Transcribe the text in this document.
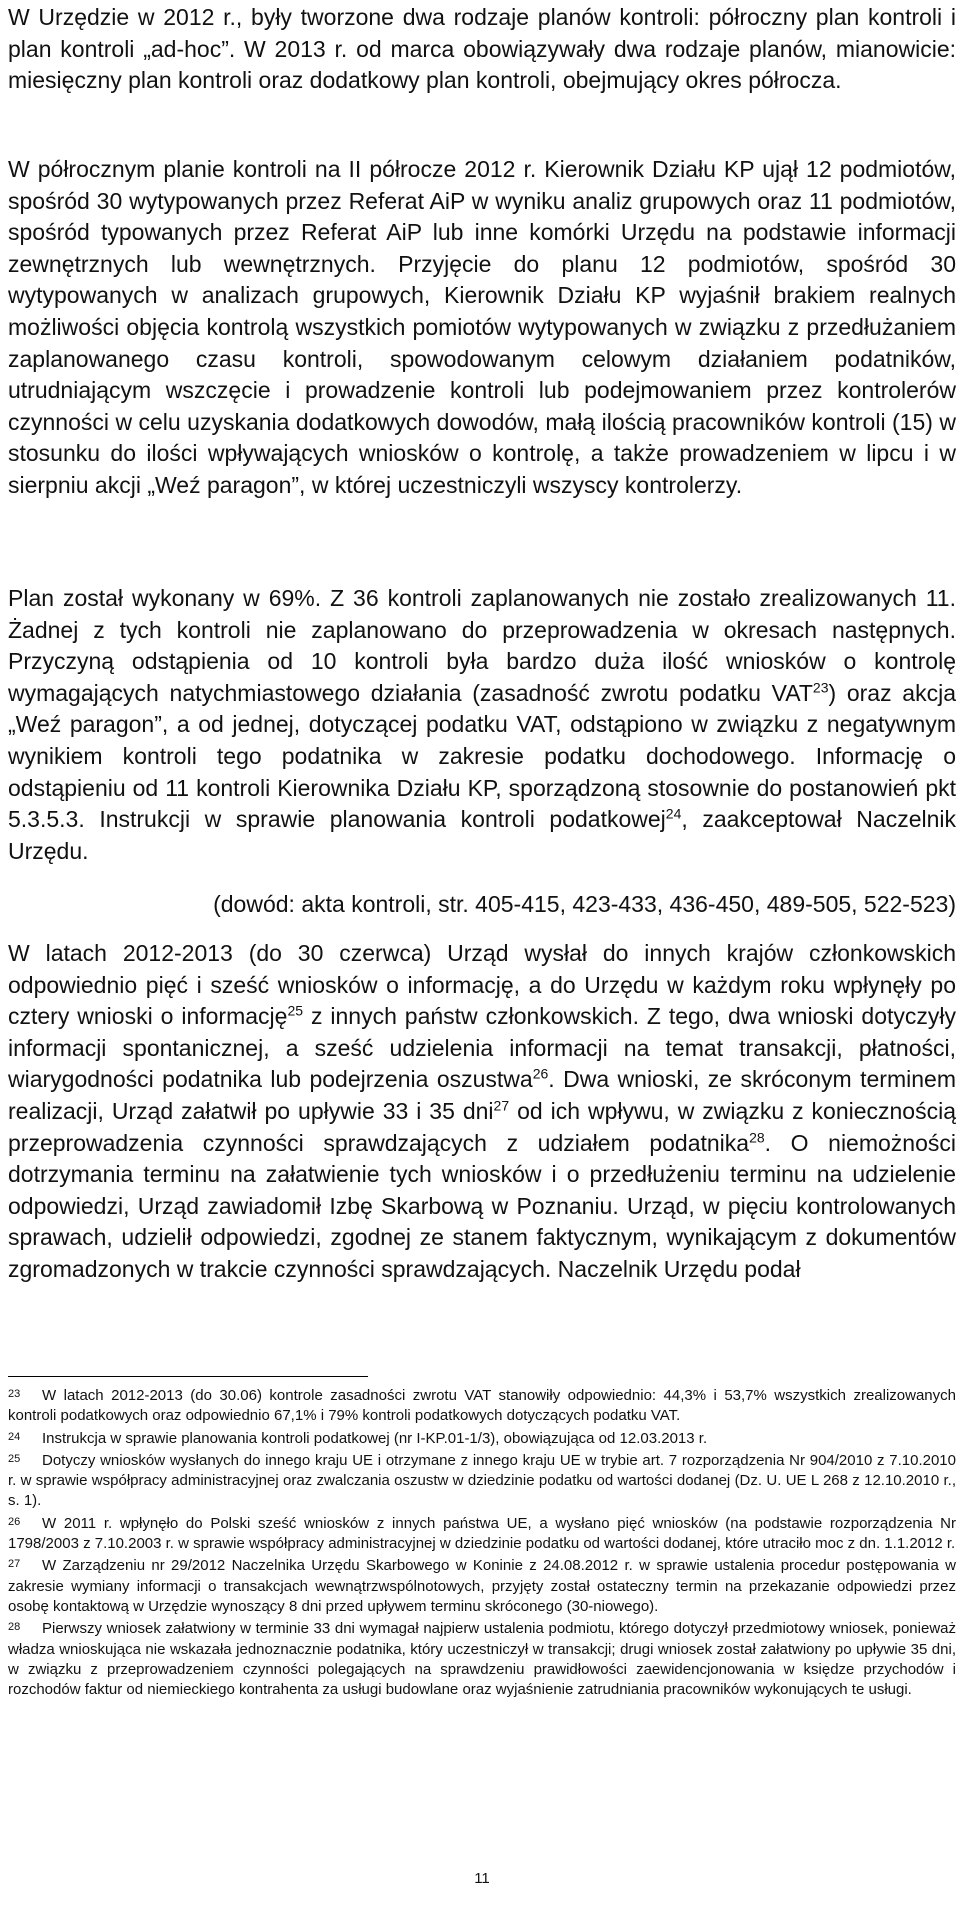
W Urzędzie w 2012 r., były tworzone dwa rodzaje planów kontroli: półroczny plan kontroli i plan kontroli „ad-hoc”. W 2013 r. od marca obowiązywały dwa rodzaje planów, mianowicie: miesięczny plan kontroli oraz dodatkowy plan kontroli, obejmujący okres półrocza.

W półrocznym planie kontroli na II półrocze 2012 r. Kierownik Działu KP ujął 12 podmiotów, spośród 30 wytypowanych przez Referat AiP w wyniku analiz grupowych oraz 11 podmiotów, spośród typowanych przez Referat AiP lub inne komórki Urzędu na podstawie informacji zewnętrznych lub wewnętrznych. Przyjęcie do planu 12 podmiotów, spośród 30 wytypowanych w analizach grupowych, Kierownik Działu KP wyjaśnił brakiem realnych możliwości objęcia kontrolą wszystkich pomiotów wytypowanych w związku z przedłużaniem zaplanowanego czasu kontroli, spowodowanym celowym działaniem podatników, utrudniającym wszczęcie i prowadzenie kontroli lub podejmowaniem przez kontrolerów czynności w celu uzyskania dodatkowych dowodów, małą ilością pracowników kontroli (15) w stosunku do ilości wpływających wniosków o kontrolę, a także prowadzeniem w lipcu i w sierpniu akcji „Weź paragon”, w której uczestniczyli wszyscy kontrolerzy.

Plan został wykonany w 69%. Z 36 kontroli zaplanowanych nie zostało zrealizowanych 11. Żadnej z tych kontroli nie zaplanowano do przeprowadzenia w okresach następnych. Przyczyną odstąpienia od 10 kontroli była bardzo duża ilość wniosków o kontrolę wymagających natychmiastowego działania (zasadność zwrotu podatku VAT$^{23}$) oraz akcja „Weź paragon”, a od jednej, dotyczącej podatku VAT, odstąpiono w związku z negatywnym wynikiem kontroli tego podatnika w zakresie podatku dochodowego. Informację o odstąpieniu od 11 kontroli Kierownika Działu KP, sporządzoną stosownie do postanowień pkt 5.3.5.3. Instrukcji w sprawie planowania kontroli podatkowej$^{24}$, zaakceptował Naczelnik Urzędu.

(dowód: akta kontroli, str. 405-415, 423-433, 436-450, 489-505, 522-523)

W latach 2012-2013 (do 30 czerwca) Urząd wysłał do innych krajów członkowskich odpowiednio pięć i sześć wniosków o informację, a do Urzędu w każdym roku wpłynęły po cztery wnioski o informację$^{25}$ z innych państw członkowskich. Z tego, dwa wnioski dotyczyły informacji spontanicznej, a sześć udzielenia informacji na temat transakcji, płatności, wiarygodności podatnika lub podejrzenia oszustwa$^{26}$. Dwa wnioski, ze skróconym terminem realizacji, Urząd załatwił po upływie 33 i 35 dni$^{27}$ od ich wpływu, w związku z koniecznością przeprowadzenia czynności sprawdzających z udziałem podatnika$^{28}$. O niemożności dotrzymania terminu na załatwienie tych wniosków i o przedłużeniu terminu na udzielenie odpowiedzi, Urząd zawiadomił Izbę Skarbową w Poznaniu. Urząd, w pięciu kontrolowanych sprawach, udzielił odpowiedzi, zgodnej ze stanem faktycznym, wynikającym z dokumentów zgromadzonych w trakcie czynności sprawdzających. Naczelnik Urzędu podał

23 W latach 2012-2013 (do 30.06) kontrole zasadności zwrotu VAT stanowiły odpowiednio: 44,3% i 53,7% wszystkich zrealizowanych kontroli podatkowych oraz odpowiednio 67,1% i 79% kontroli podatkowych dotyczących podatku VAT.
24 Instrukcja w sprawie planowania kontroli podatkowej (nr I-KP.01-1/3), obowiązująca od 12.03.2013 r.
25 Dotyczy wniosków wysłanych do innego kraju UE i otrzymane z innego kraju UE w trybie art. 7 rozporządzenia Nr 904/2010 z 7.10.2010 r. w sprawie współpracy administracyjnej oraz zwalczania oszustw w dziedzinie podatku od wartości dodanej (Dz. U. UE L 268 z 12.10.2010 r., s. 1).
26 W 2011 r. wpłynęło do Polski sześć wniosków z innych państwa UE, a wysłano pięć wniosków (na podstawie rozporządzenia Nr 1798/2003 z 7.10.2003 r. w sprawie współpracy administracyjnej w dziedzinie podatku od wartości dodanej, które utraciło moc z dn. 1.1.2012 r.
27 W Zarządzeniu nr 29/2012 Naczelnika Urzędu Skarbowego w Koninie z 24.08.2012 r. w sprawie ustalenia procedur postępowania w zakresie wymiany informacji o transakcjach wewnątrzwspólnotowych, przyjęty został ostateczny termin na przekazanie odpowiedzi przez osobę kontaktową w Urzędzie wynoszący 8 dni przed upływem terminu skróconego (30-niowego).
28 Pierwszy wniosek załatwiony w terminie 33 dni wymagał najpierw ustalenia podmiotu, którego dotyczył przedmiotowy wniosek, ponieważ władza wnioskująca nie wskazała jednoznacznie podatnika, który uczestniczył w transakcji; drugi wniosek został załatwiony po upływie 35 dni, w związku z przeprowadzeniem czynności polegających na sprawdzeniu prawidłowości zaewidencjonowania w księdze przychodów i rozchodów faktur od niemieckiego kontrahenta za usługi budowlane oraz wyjaśnienie zatrudniania pracowników wykonujących te usługi.
11
